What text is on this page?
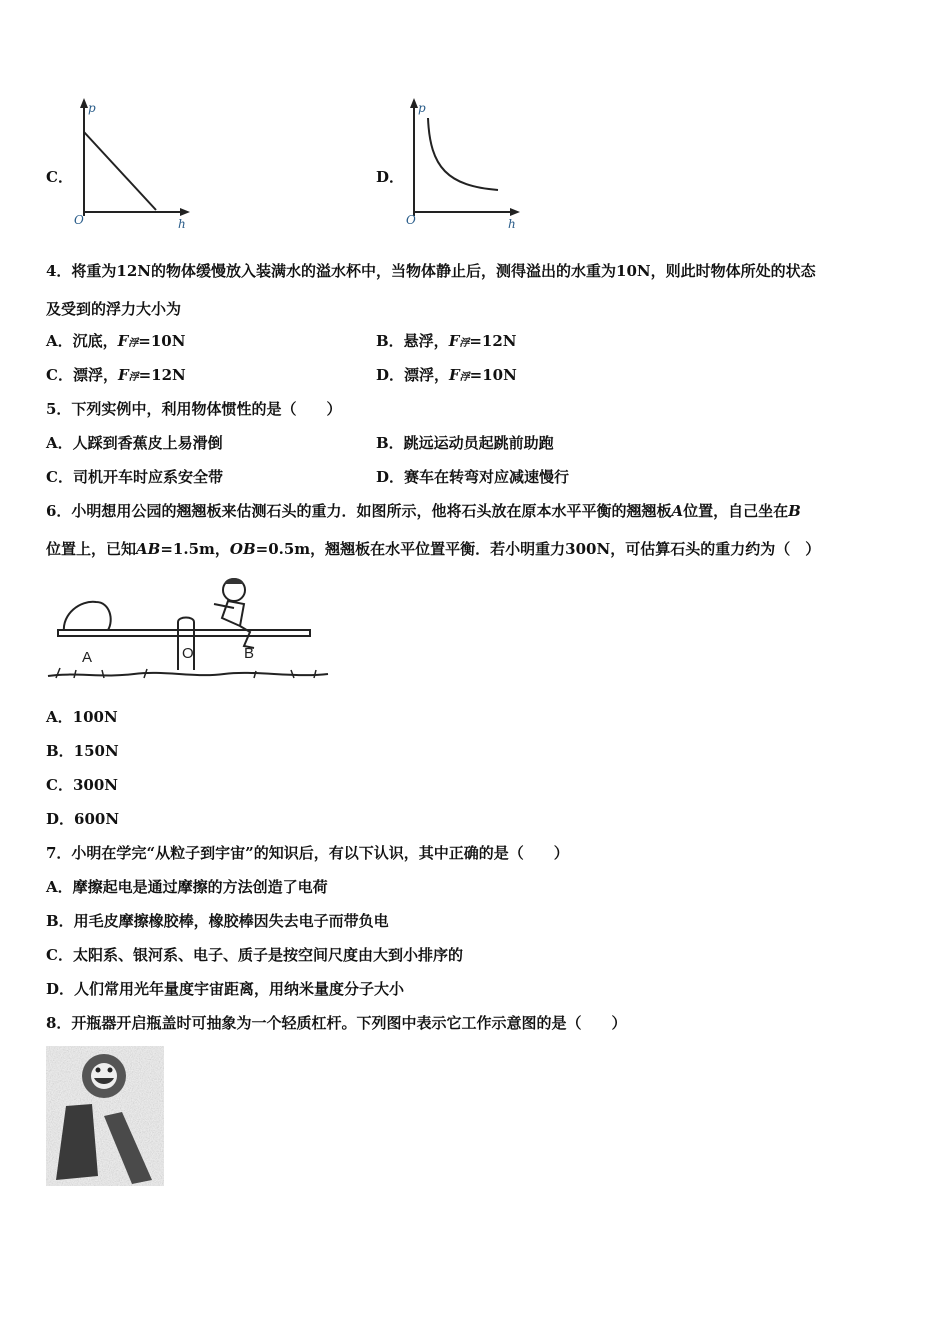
C．
p
O	h
D．
p
O	h
4．将重为12N的物体缓慢放入装满水的溢水杯中，当物体静止后，测得溢出的水重为10N，则此时物体所处的状态
及受到的浮力大小为
A．沉底，F浮=10N	B．悬浮，F浮=12N
C．漂浮，F浮=12N	D．漂浮，F浮=10N
5．下列实例中，利用物体惯性的是（　　）
A．人踩到香蕉皮上易滑倒	B．跳远运动员起跳前助跑
C．司机开车时应系安全带	D．赛车在转弯对应减速慢行
6．小明想用公园的翘翘板来估测石头的重力．如图所示，他将石头放在原本水平平衡的翘翘板A位置，自己坐在B
位置上，已知AB=1.5m，OB=0.5m，翘翘板在水平位置平衡．若小明重力300N，可估算石头的重力约为（　）
A	O	B
A．100N
B．150N
C．300N
D．600N
7．小明在学完“从粒子到宇宙”的知识后，有以下认识，其中正确的是（　　）
A．摩擦起电是通过摩擦的方法创造了电荷
B．用毛皮摩擦橡胶棒，橡胶棒因失去电子而带负电
C．太阳系、银河系、电子、质子是按空间尺度由大到小排序的
D．人们常用光年量度宇宙距离，用纳米量度分子大小
8．开瓶器开启瓶盖时可抽象为一个轻质杠杆。下列图中表示它工作示意图的是（　　）
